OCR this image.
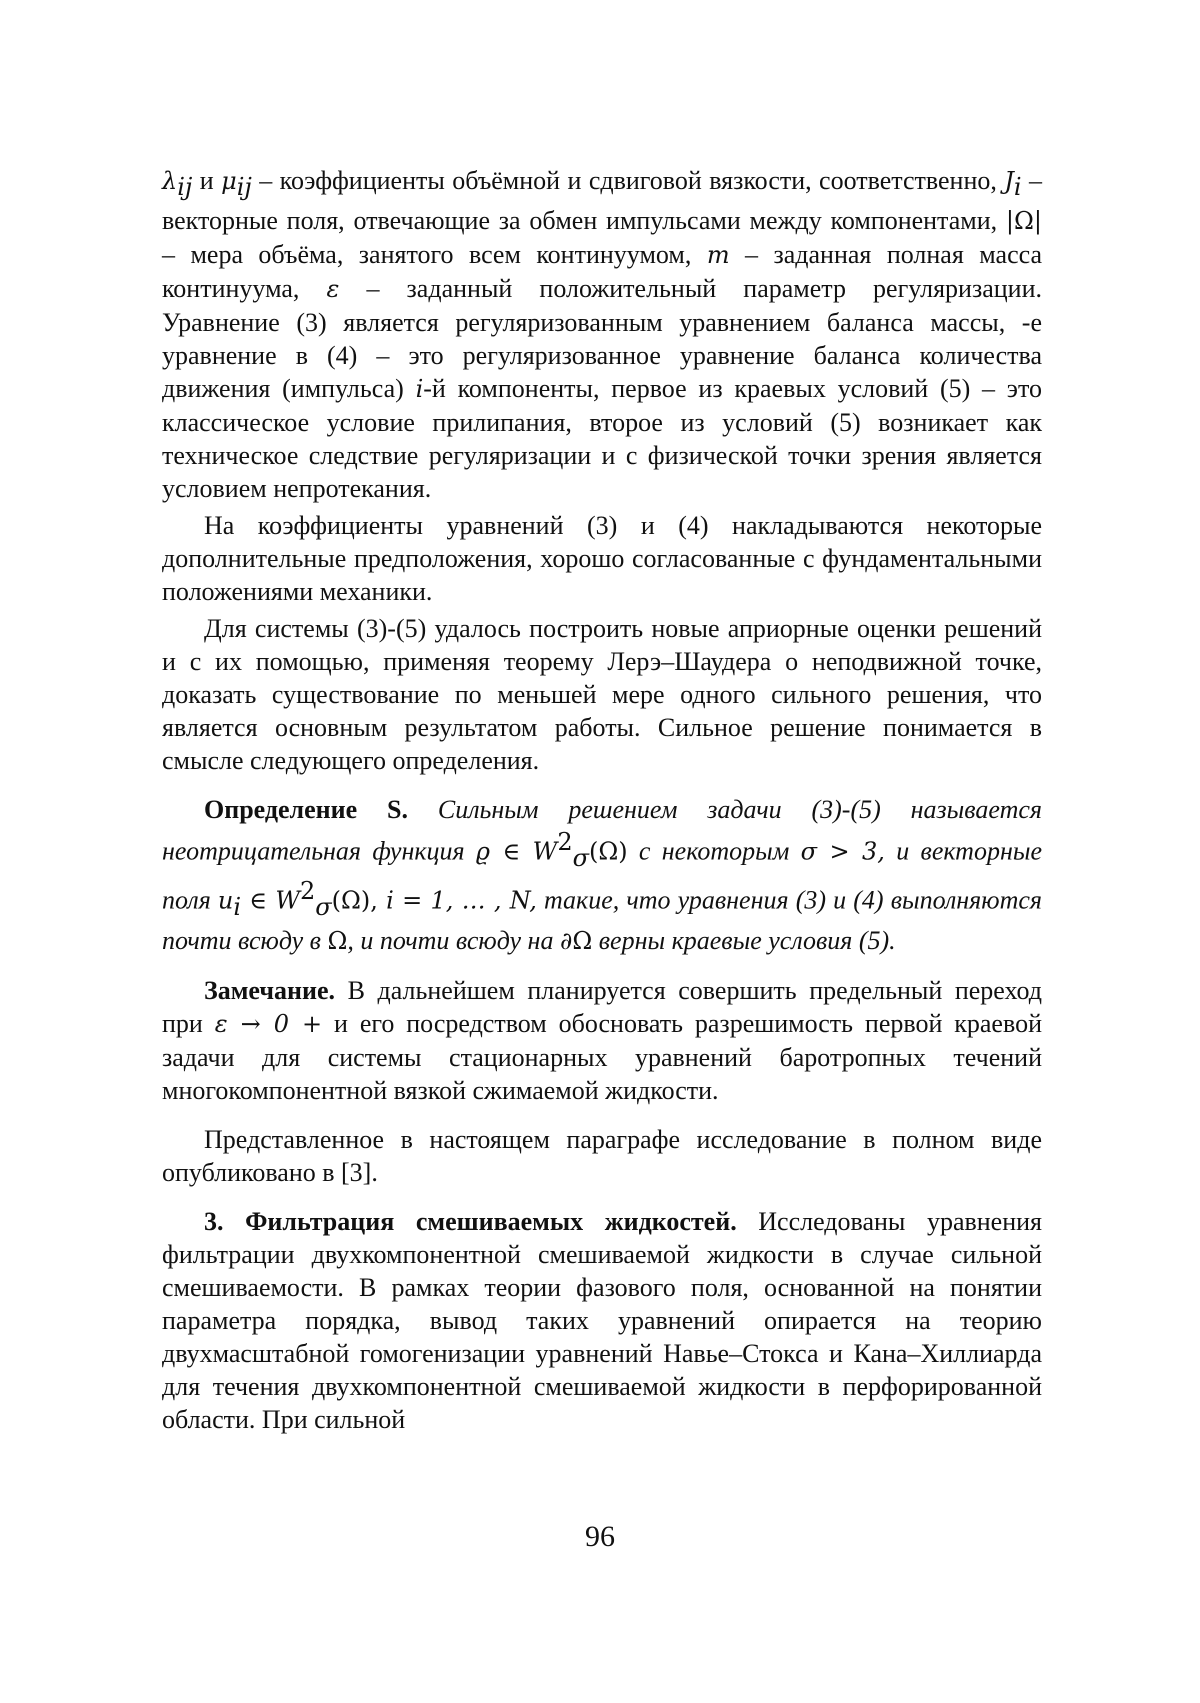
λij и μij – коэффициенты объёмной и сдвиговой вязкости, соответственно, Ji – векторные поля, отвечающие за обмен импульсами между компонентами, |Ω| – мера объёма, занятого всем континуумом, m – заданная полная масса континуума, ε – заданный положительный параметр регуляризации. Уравнение (3) является регуляризованным уравнением баланса массы, -е уравнение в (4) – это регуляризованное уравнение баланса количества движения (импульса) i-й компоненты, первое из краевых условий (5) – это классическое условие прилипания, второе из условий (5) возникает как техническое следствие регуляризации и с физической точки зрения является условием непротекания.

На коэффициенты уравнений (3) и (4) накладываются некоторые дополнительные предположения, хорошо согласованные с фундаментальными положениями механики.

Для системы (3)-(5) удалось построить новые априорные оценки решений и с их помощью, применяя теорему Лерэ–Шаудера о неподвижной точке, доказать существование по меньшей мере одного сильного решения, что является основным результатом работы. Сильное решение понимается в смысле следующего определения.

Определение S. Сильным решением задачи (3)-(5) называется неотрицательная функция ϱ ∈ W2σ(Ω) с некоторым σ > 3, и векторные поля ui ∈ W2σ(Ω), i = 1, … , N, такие, что уравнения (3) и (4) выполняются почти всюду в Ω, и почти всюду на ∂Ω верны краевые условия (5).

Замечание. В дальнейшем планируется совершить предельный переход при ε → 0 + и его посредством обосновать разрешимость первой краевой задачи для системы стационарных уравнений баротропных течений многокомпонентной вязкой сжимаемой жидкости.

Представленное в настоящем параграфе исследование в полном виде опубликовано в [3].

3. Фильтрация смешиваемых жидкостей. Исследованы уравнения фильтрации двухкомпонентной смешиваемой жидкости в случае сильной смешиваемости. В рамках теории фазового поля, основанной на понятии параметра порядка, вывод таких уравнений опирается на теорию двухмасштабной гомогенизации уравнений Навье–Стокса и Кана–Хиллиарда для течения двухкомпонентной смешиваемой жидкости в перфорированной области. При сильной

96
